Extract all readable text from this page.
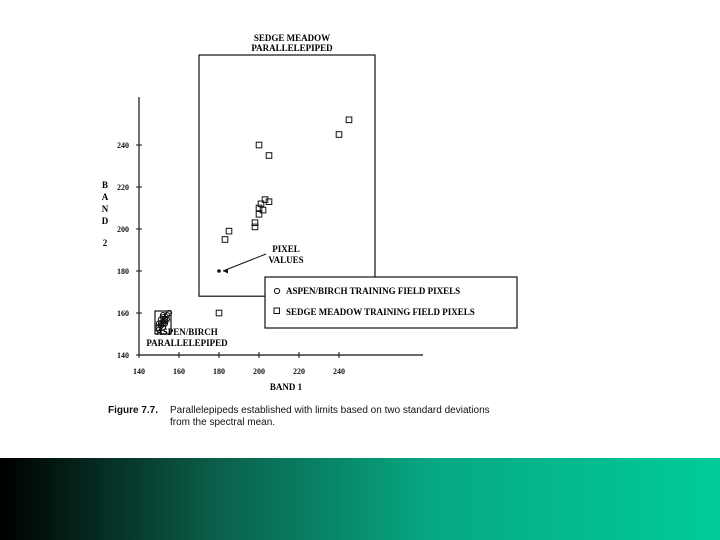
140	160	180	200	220	240
140
160
180
200
220
240
SEDGE MEADOW
PARALLELEPIPED
ASPEN/BIRCH
PARALLELEPIPED
PIXEL
VALUES
BAND 1
B
A
N
D
2
ASPEN/BIRCH TRAINING FIELD PIXELS
SEDGE MEADOW TRAINING FIELD PIXELS
Figure 7.7.	Parallelepipeds established with limits based on two standard deviations
from the spectral mean.
